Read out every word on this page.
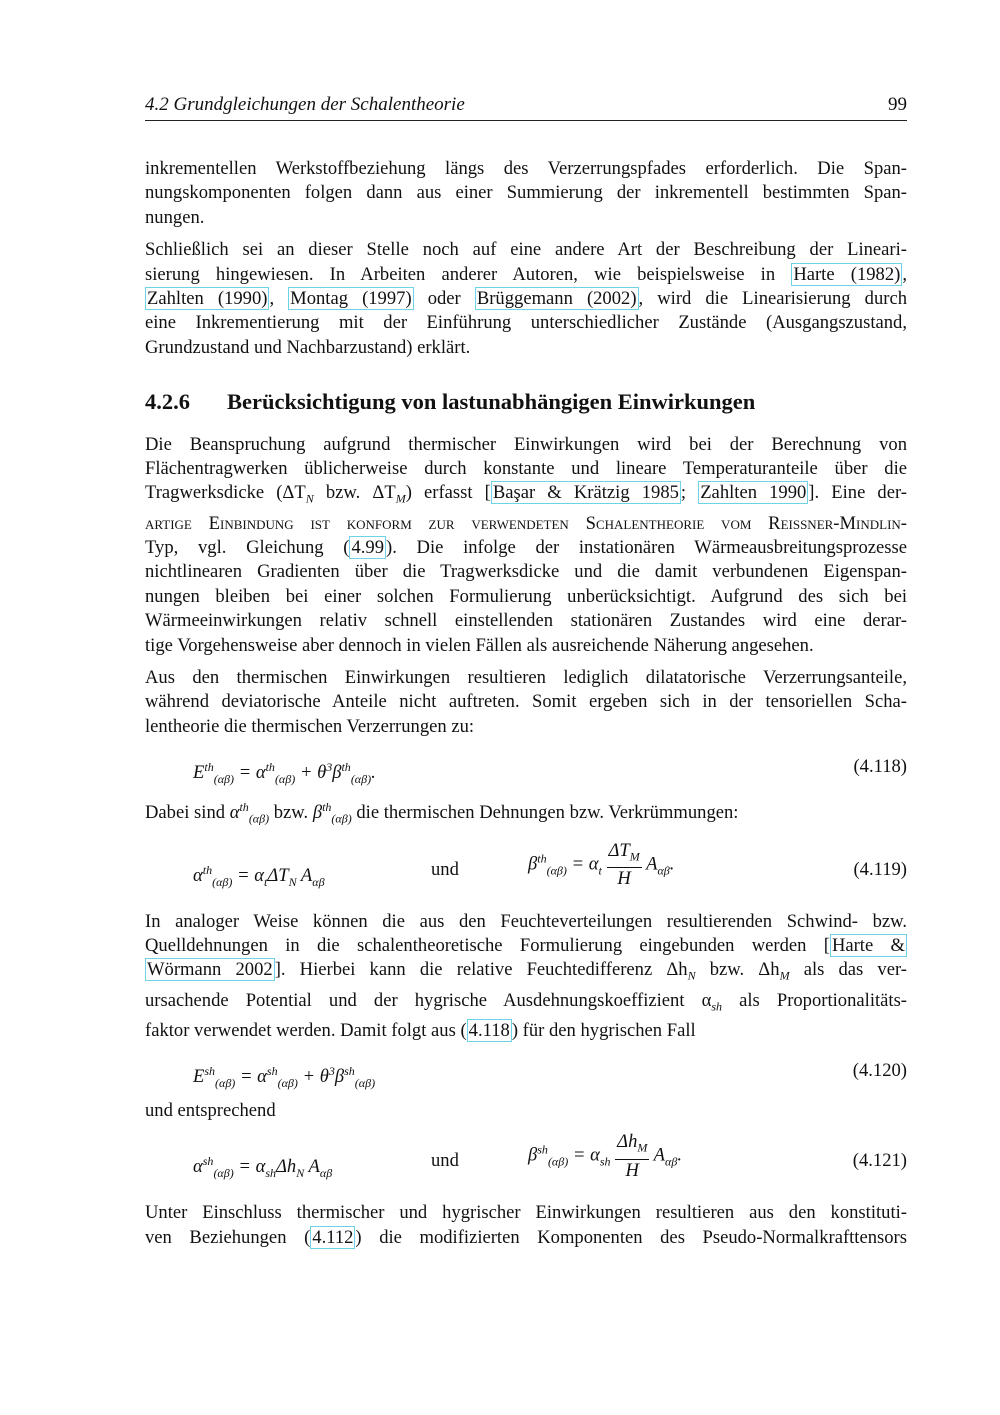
4.2 Grundgleichungen der Schalentheorie	99

inkrementellen Werkstoffbeziehung längs des Verzerrungspfades erforderlich. Die Span-
nungskomponenten folgen dann aus einer Summierung der inkrementell bestimmten Span-
nungen.

Schließlich sei an dieser Stelle noch auf eine andere Art der Beschreibung der Lineari-
sierung hingewiesen. In Arbeiten anderer Autoren, wie beispielsweise in Harte (1982) ,
Zahlten (1990) , Montag (1997) oder Brüggemann (2002) , wird die Linearisierung durch
eine Inkrementierung mit der Einführung unterschiedlicher Zustände (Ausgangszustand,
Grundzustand und Nachbarzustand) erklärt.

4.2.6 Berücksichtigung von lastunabhängigen Einwirkungen

Die Beanspruchung aufgrund thermischer Einwirkungen wird bei der Berechnung von
Flächentragwerken üblicherweise durch konstante und lineare Temperaturanteile über die
Tragwerksdicke ($\Delta T_N$ bzw. $\Delta T_M$) erfasst [ Başar & Krätzig 1985 ; Zahlten 1990 ]. Eine der-
artige Einbindung ist konform zur verwendeten Schalentheorie vom Reissner-Mindlin-
Typ, vgl. Gleichung ( 4.99 ). Die infolge der instationären Wärmeausbreitungsprozesse
nichtlinearen Gradienten über die Tragwerksdicke und die damit verbundenen Eigenspan-
nungen bleiben bei einer solchen Formulierung unberücksichtigt. Aufgrund des sich bei
Wärmeeinwirkungen relativ schnell einstellenden stationären Zustandes wird eine derar-
tige Vorgehensweise aber dennoch in vielen Fällen als ausreichende Näherung angesehen.

Aus den thermischen Einwirkungen resultieren lediglich dilatatorische Verzerrungsanteile,
während deviatorische Anteile nicht auftreten. Somit ergeben sich in der tensoriellen Scha-
lentheorie die thermischen Verzerrungen zu:

$E^{th}_{(\alpha\beta)} = \alpha^{th}_{(\alpha\beta)} + \theta^3\beta^{th}_{(\alpha\beta)}$.	(4.118)

Dabei sind $\alpha^{th}_{(\alpha\beta)}$ bzw. $\beta^{th}_{(\alpha\beta)}$ die thermischen Dehnungen bzw. Verkrümmungen:

$\alpha^{th}_{(\alpha\beta)} = \alpha_t\Delta T_N$ $A_{\alpha\beta}$
und	$\beta^{th}_{(\alpha\beta)} = \alpha_t \frac{\Delta T_M}{H} A_{\alpha\beta}$.	(4.119)

In analoger Weise können die aus den Feuchteverteilungen resultierenden Schwind- bzw.
Quelldehnungen in die schalentheoretische Formulierung eingebunden werden [ Harte &
Wörmann 2002 ]. Hierbei kann die relative Feuchtedifferenz $\Delta h_N$ bzw. $\Delta h_M$ als das ver-
ursachende Potential und der hygrische Ausdehnungskoeffizient $\alpha_{sh}$ als Proportionalitäts-
faktor verwendet werden. Damit folgt aus ( 4.118 ) für den hygrischen Fall

$E^{sh}_{(\alpha\beta)} = \alpha^{sh}_{(\alpha\beta)} + \theta^3\beta^{sh}_{(\alpha\beta)}$
(4.120)

und entsprechend

$\alpha^{sh}_{(\alpha\beta)} = \alpha_{sh}\Delta h_N$ $A_{\alpha\beta}$
und	$\beta^{sh}_{(\alpha\beta)} = \alpha_{sh} \frac{\Delta h_M}{H} A_{\alpha\beta}$.	(4.121)

Unter Einschluss thermischer und hygrischer Einwirkungen resultieren aus den konstituti-
ven Beziehungen ( 4.112 ) die modifizierten Komponenten des Pseudo-Normalkrafttensors
